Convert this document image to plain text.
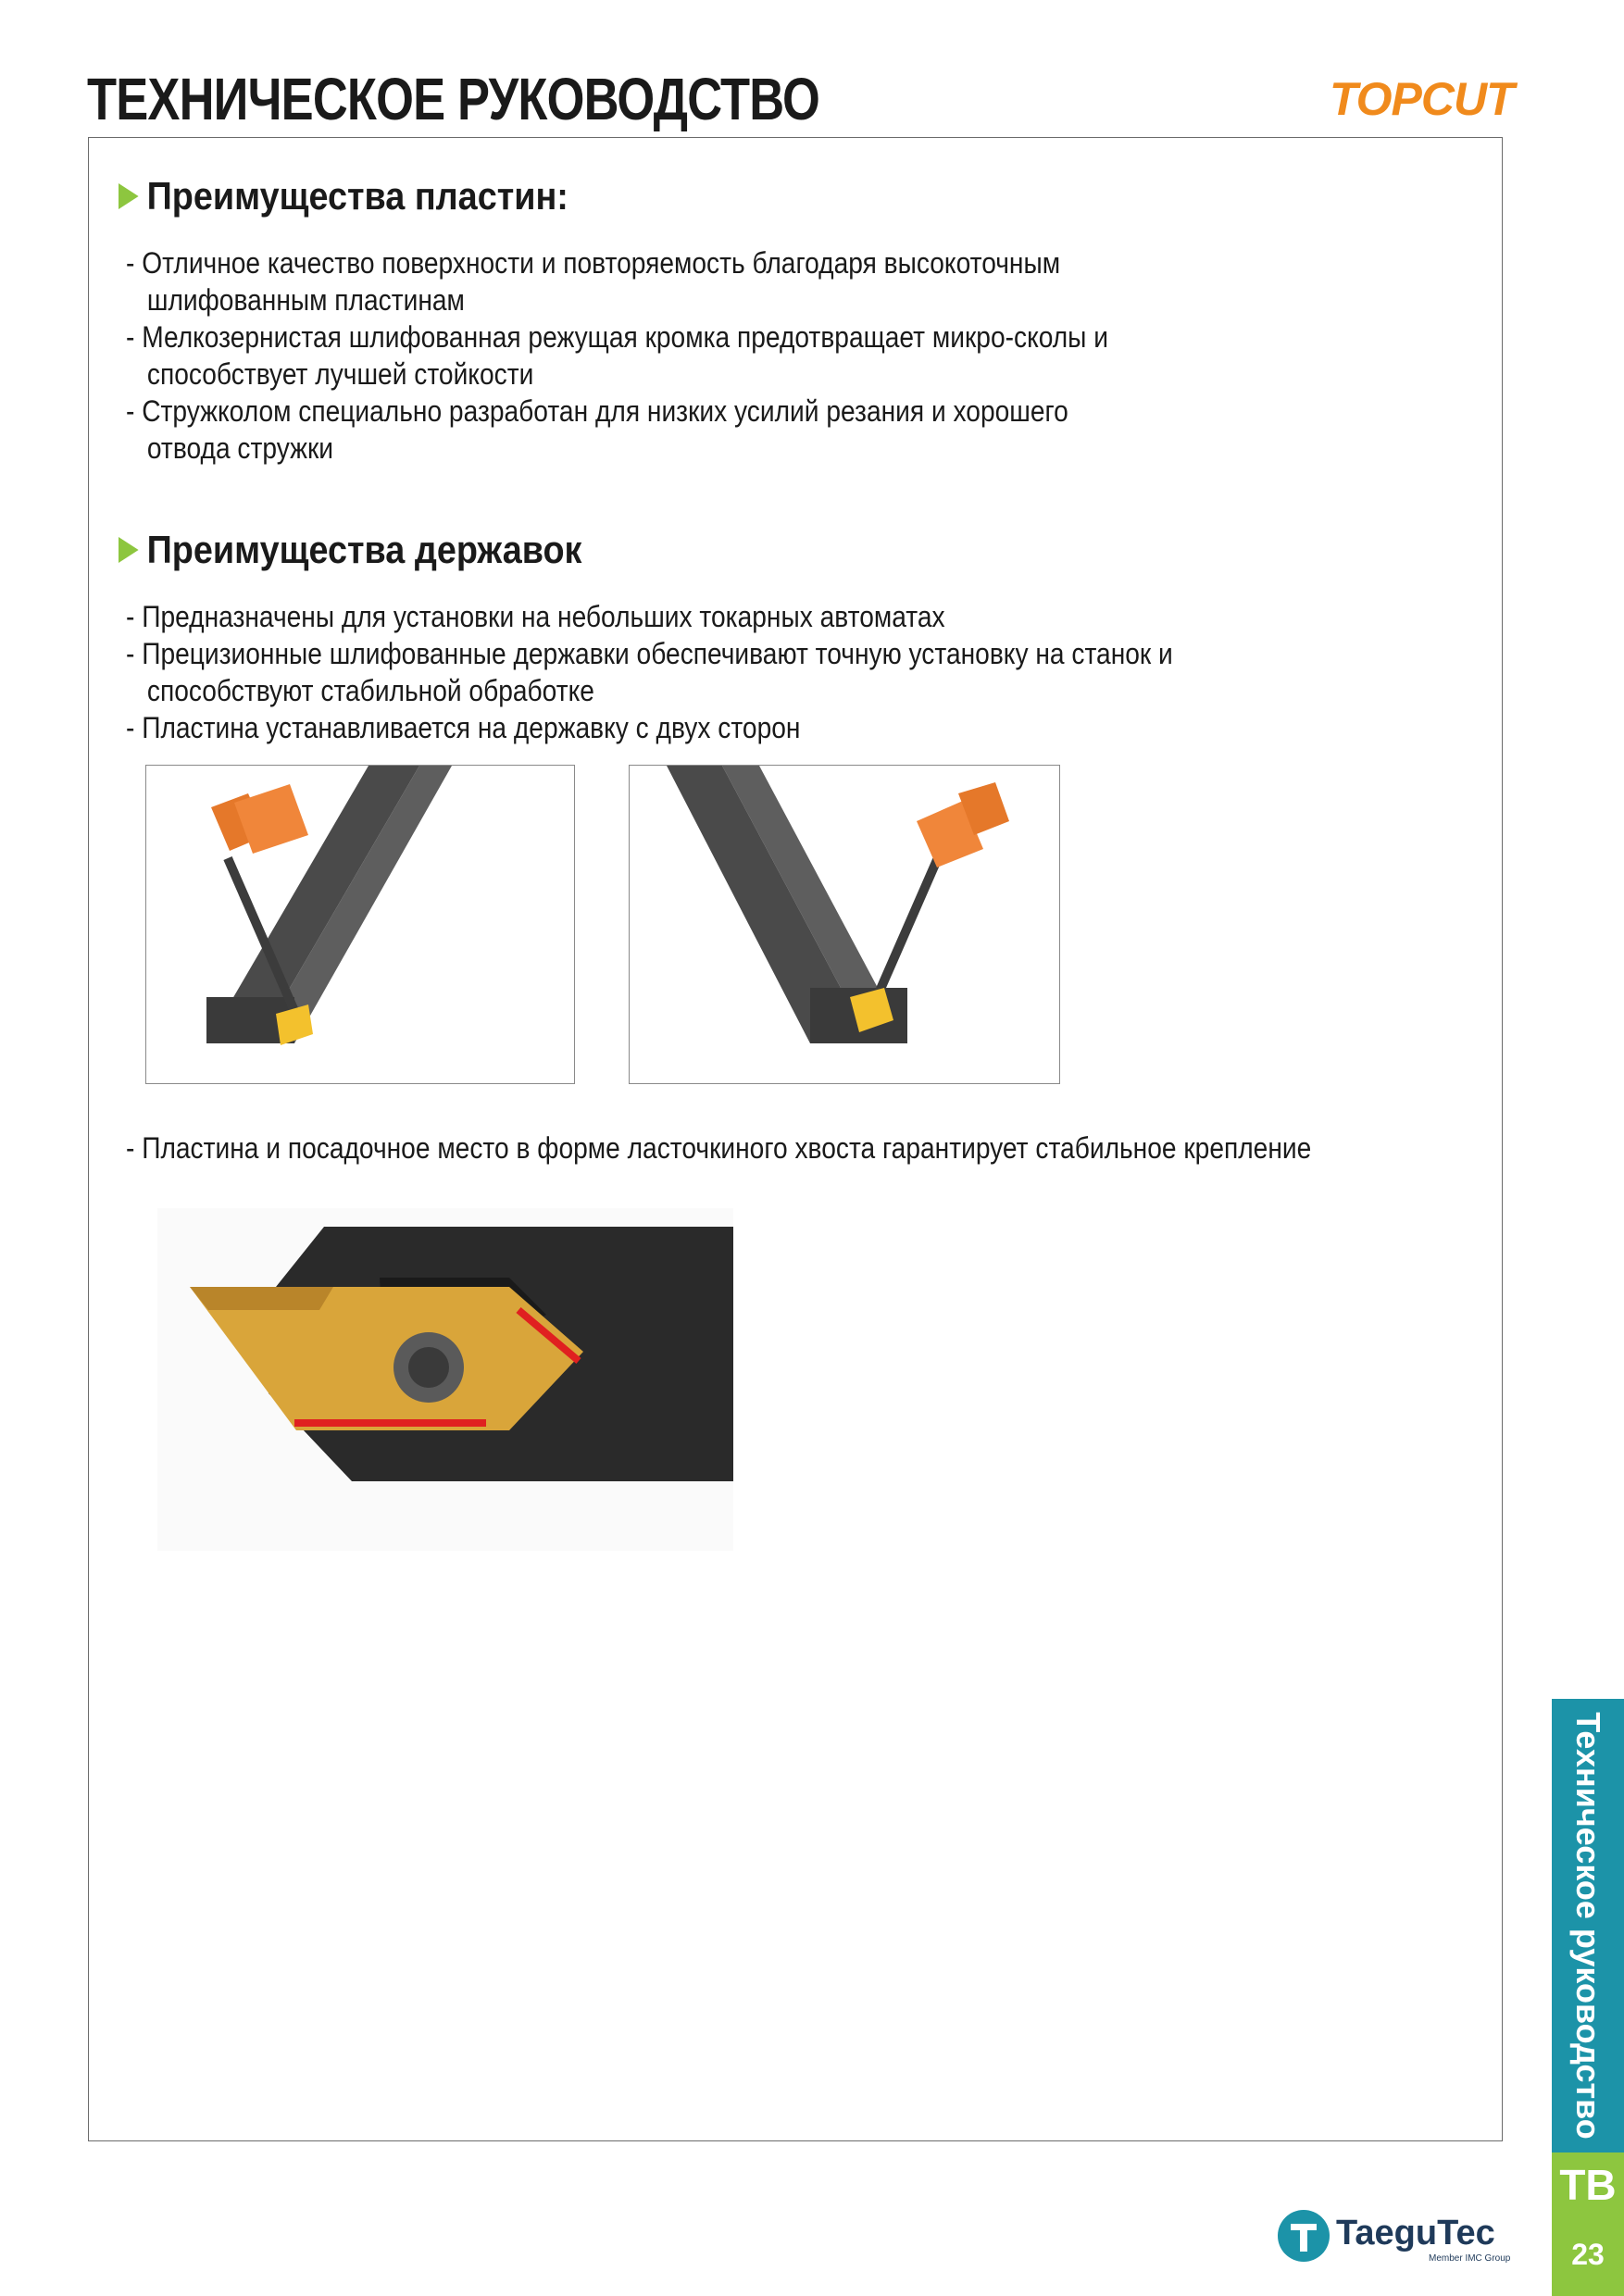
ТЕХНИЧЕСКОЕ РУКОВОДСТВО	TOPCUT
Преимущества пластин:
- Отличное качество поверхности и повторяемость благодаря высокоточным
шлифованным пластинам
- Мелкозернистая шлифованная режущая кромка предотвращает микро-сколы и
способствует лучшей стойкости
- Стружколом специально разработан для низких усилий резания и хорошего
отвода стружки
Преимущества державок
- Предназначены для установки на небольших токарных автоматах
- Прецизионные шлифованные державки обеспечивают точную установку на станок и
способствуют стабильной обработке
- Пластина устанавливается на державку с двух сторон
- Пластина и посадочное место в форме ласточкиного хвоста гарантирует стабильное крепление
Техническое руководство
TB
23
TaeguTec
Member IMC Group
